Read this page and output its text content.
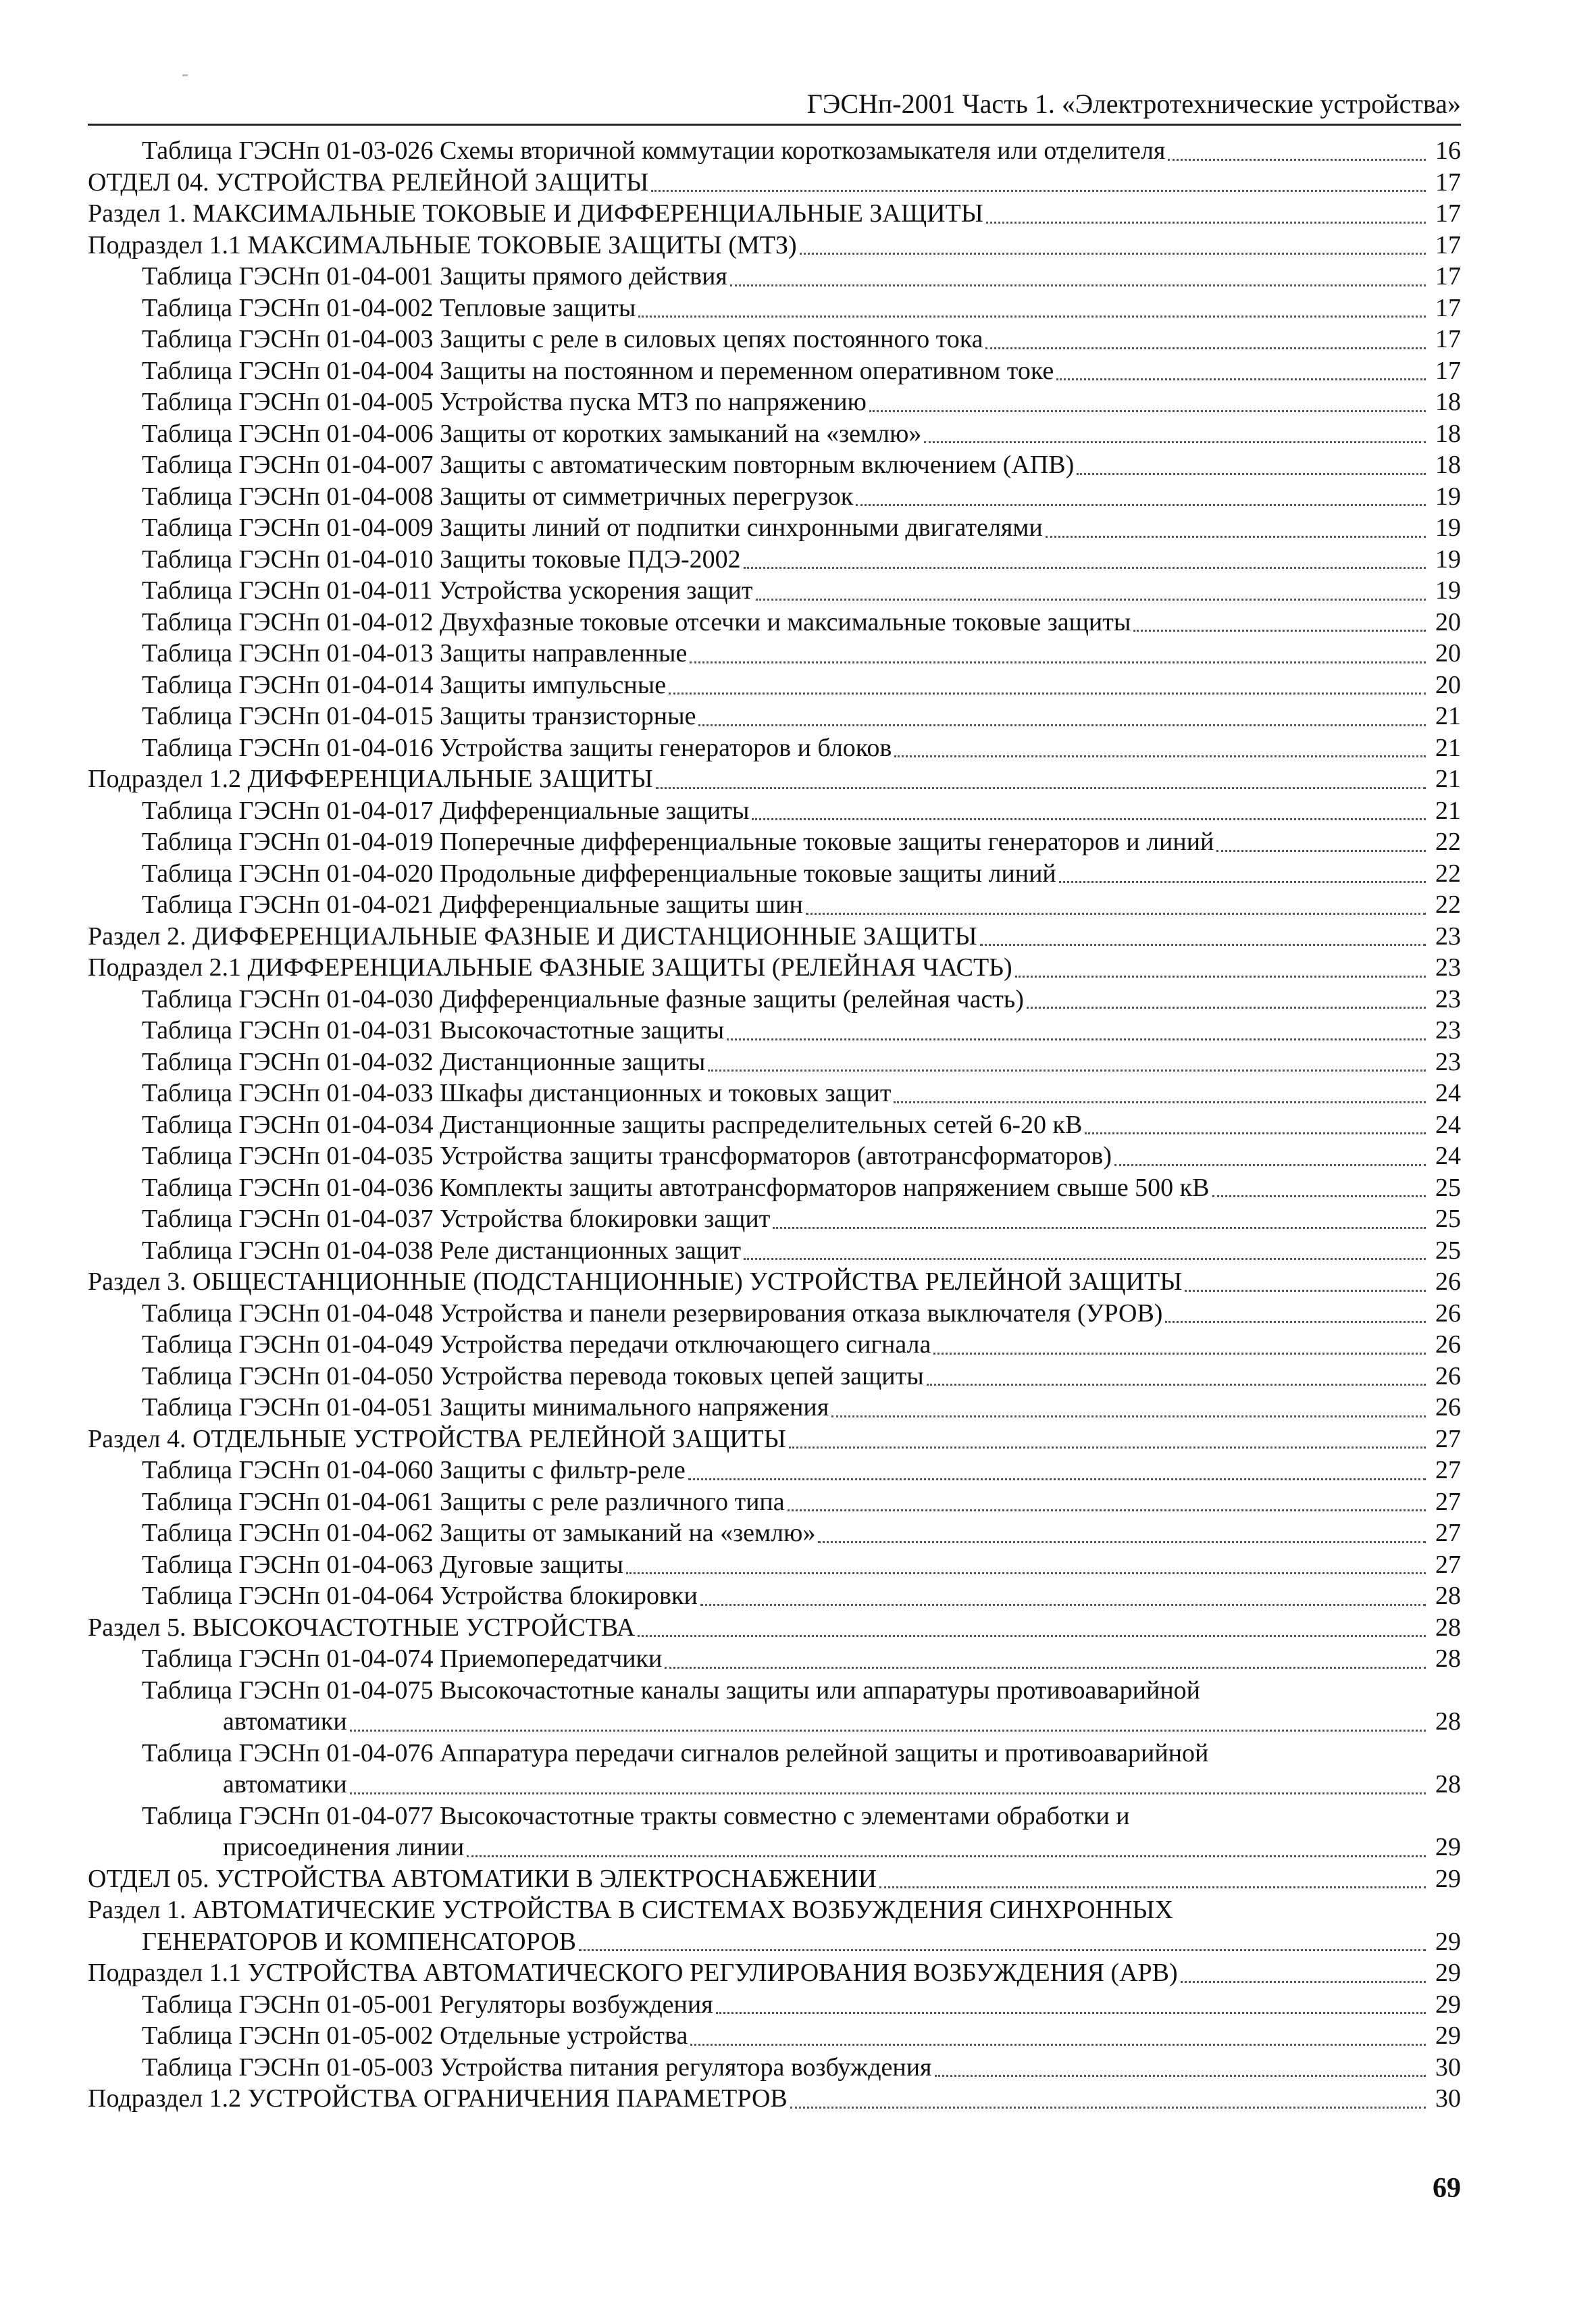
ГЭСНп-2001 Часть 1. «Электротехнические устройства»
Таблица ГЭСНп 01-03-026 Схемы вторичной коммутации короткозамыкателя или отделителя	16
ОТДЕЛ 04. УСТРОЙСТВА РЕЛЕЙНОЙ ЗАЩИТЫ	17
Раздел 1. МАКСИМАЛЬНЫЕ ТОКОВЫЕ И ДИФФЕРЕНЦИАЛЬНЫЕ ЗАЩИТЫ	17
Подраздел 1.1 МАКСИМАЛЬНЫЕ ТОКОВЫЕ ЗАЩИТЫ (МТЗ)	17
Таблица ГЭСНп 01-04-001 Защиты прямого действия	17
Таблица ГЭСНп 01-04-002 Тепловые защиты	17
Таблица ГЭСНп 01-04-003 Защиты с реле в силовых цепях постоянного тока	17
Таблица ГЭСНп 01-04-004 Защиты на постоянном и переменном оперативном токе	17
Таблица ГЭСНп 01-04-005 Устройства пуска МТЗ по напряжению	18
Таблица ГЭСНп 01-04-006 Защиты от коротких замыканий на «землю»	18
Таблица ГЭСНп 01-04-007 Защиты с автоматическим повторным включением (АПВ)	18
Таблица ГЭСНп 01-04-008 Защиты от симметричных перегрузок	19
Таблица ГЭСНп 01-04-009 Защиты линий от подпитки синхронными двигателями	19
Таблица ГЭСНп 01-04-010 Защиты токовые ПДЭ-2002	19
Таблица ГЭСНп 01-04-011 Устройства ускорения защит	19
Таблица ГЭСНп 01-04-012 Двухфазные токовые отсечки и максимальные токовые защиты	20
Таблица ГЭСНп 01-04-013 Защиты направленные	20
Таблица ГЭСНп 01-04-014 Защиты импульсные	20
Таблица ГЭСНп 01-04-015 Защиты транзисторные	21
Таблица ГЭСНп 01-04-016 Устройства защиты генераторов и блоков	21
Подраздел 1.2 ДИФФЕРЕНЦИАЛЬНЫЕ ЗАЩИТЫ	21
Таблица ГЭСНп 01-04-017 Дифференциальные защиты	21
Таблица ГЭСНп 01-04-019 Поперечные дифференциальные токовые защиты генераторов и линий	22
Таблица ГЭСНп 01-04-020 Продольные дифференциальные токовые защиты линий	22
Таблица ГЭСНп 01-04-021 Дифференциальные защиты шин	22
Раздел 2. ДИФФЕРЕНЦИАЛЬНЫЕ ФАЗНЫЕ И ДИСТАНЦИОННЫЕ ЗАЩИТЫ	23
Подраздел 2.1 ДИФФЕРЕНЦИАЛЬНЫЕ ФАЗНЫЕ ЗАЩИТЫ (РЕЛЕЙНАЯ ЧАСТЬ)	23
Таблица ГЭСНп 01-04-030 Дифференциальные фазные защиты (релейная часть)	23
Таблица ГЭСНп 01-04-031 Высокочастотные защиты	23
Таблица ГЭСНп 01-04-032 Дистанционные защиты	23
Таблица ГЭСНп 01-04-033 Шкафы дистанционных и токовых защит	24
Таблица ГЭСНп 01-04-034 Дистанционные защиты распределительных сетей 6-20 кВ	24
Таблица ГЭСНп 01-04-035 Устройства защиты трансформаторов (автотрансформаторов)	24
Таблица ГЭСНп 01-04-036 Комплекты защиты автотрансформаторов напряжением свыше 500 кВ	25
Таблица ГЭСНп 01-04-037 Устройства блокировки защит	25
Таблица ГЭСНп 01-04-038 Реле дистанционных защит	25
Раздел 3. ОБЩЕСТАНЦИОННЫЕ (ПОДСТАНЦИОННЫЕ) УСТРОЙСТВА РЕЛЕЙНОЙ ЗАЩИТЫ	26
Таблица ГЭСНп 01-04-048 Устройства и панели резервирования отказа выключателя (УРОВ)	26
Таблица ГЭСНп 01-04-049 Устройства передачи отключающего сигнала	26
Таблица ГЭСНп 01-04-050 Устройства перевода токовых цепей защиты	26
Таблица ГЭСНп 01-04-051 Защиты минимального напряжения	26
Раздел 4. ОТДЕЛЬНЫЕ УСТРОЙСТВА РЕЛЕЙНОЙ ЗАЩИТЫ	27
Таблица ГЭСНп 01-04-060 Защиты с фильтр-реле	27
Таблица ГЭСНп 01-04-061 Защиты с реле различного типа	27
Таблица ГЭСНп 01-04-062 Защиты от замыканий на «землю»	27
Таблица ГЭСНп 01-04-063 Дуговые защиты	27
Таблица ГЭСНп 01-04-064 Устройства блокировки	28
Раздел 5. ВЫСОКОЧАСТОТНЫЕ УСТРОЙСТВА	28
Таблица ГЭСНп 01-04-074 Приемопередатчики	28
Таблица ГЭСНп 01-04-075 Высокочастотные каналы защиты или аппаратуры противоаварийной
автоматики	28
Таблица ГЭСНп 01-04-076 Аппаратура передачи сигналов релейной защиты и противоаварийной
автоматики	28
Таблица ГЭСНп 01-04-077 Высокочастотные тракты совместно с элементами обработки и
присоединения линии	29
ОТДЕЛ 05. УСТРОЙСТВА АВТОМАТИКИ В ЭЛЕКТРОСНАБЖЕНИИ	29
Раздел 1. АВТОМАТИЧЕСКИЕ УСТРОЙСТВА В СИСТЕМАХ ВОЗБУЖДЕНИЯ СИНХРОННЫХ
ГЕНЕРАТОРОВ И КОМПЕНСАТОРОВ	29
Подраздел 1.1 УСТРОЙСТВА АВТОМАТИЧЕСКОГО РЕГУЛИРОВАНИЯ ВОЗБУЖДЕНИЯ (АРВ)	29
Таблица ГЭСНп 01-05-001 Регуляторы возбуждения	29
Таблица ГЭСНп 01-05-002 Отдельные устройства	29
Таблица ГЭСНп 01-05-003 Устройства питания регулятора возбуждения	30
Подраздел 1.2 УСТРОЙСТВА ОГРАНИЧЕНИЯ ПАРАМЕТРОВ	30
69
